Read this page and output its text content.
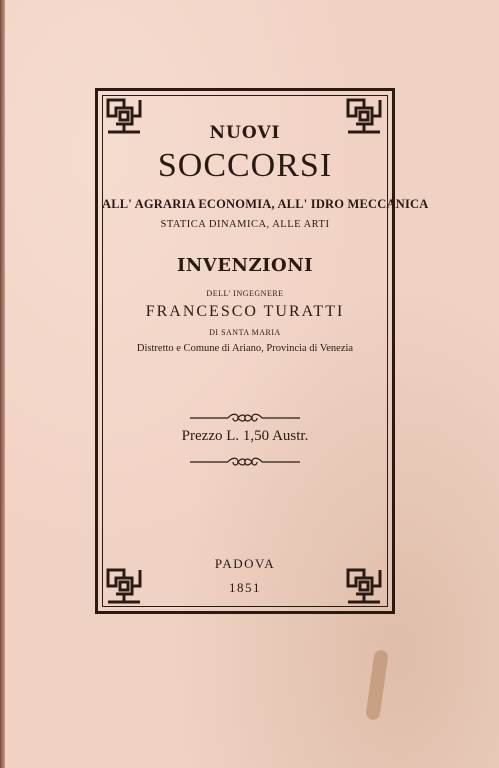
NUOVI
SOCCORSI
ALL' AGRARIA ECONOMIA, ALL' IDRO MECCANICA
STATICA DINAMICA, ALLE ARTI
INVENZIONI
DELL' INGEGNERE
FRANCESCO TURATTI
DI SANTA MARIA
Distretto e Comune di Ariano, Provincia di Venezia
Prezzo L. 1,50 Austr.
PADOVA
1851
